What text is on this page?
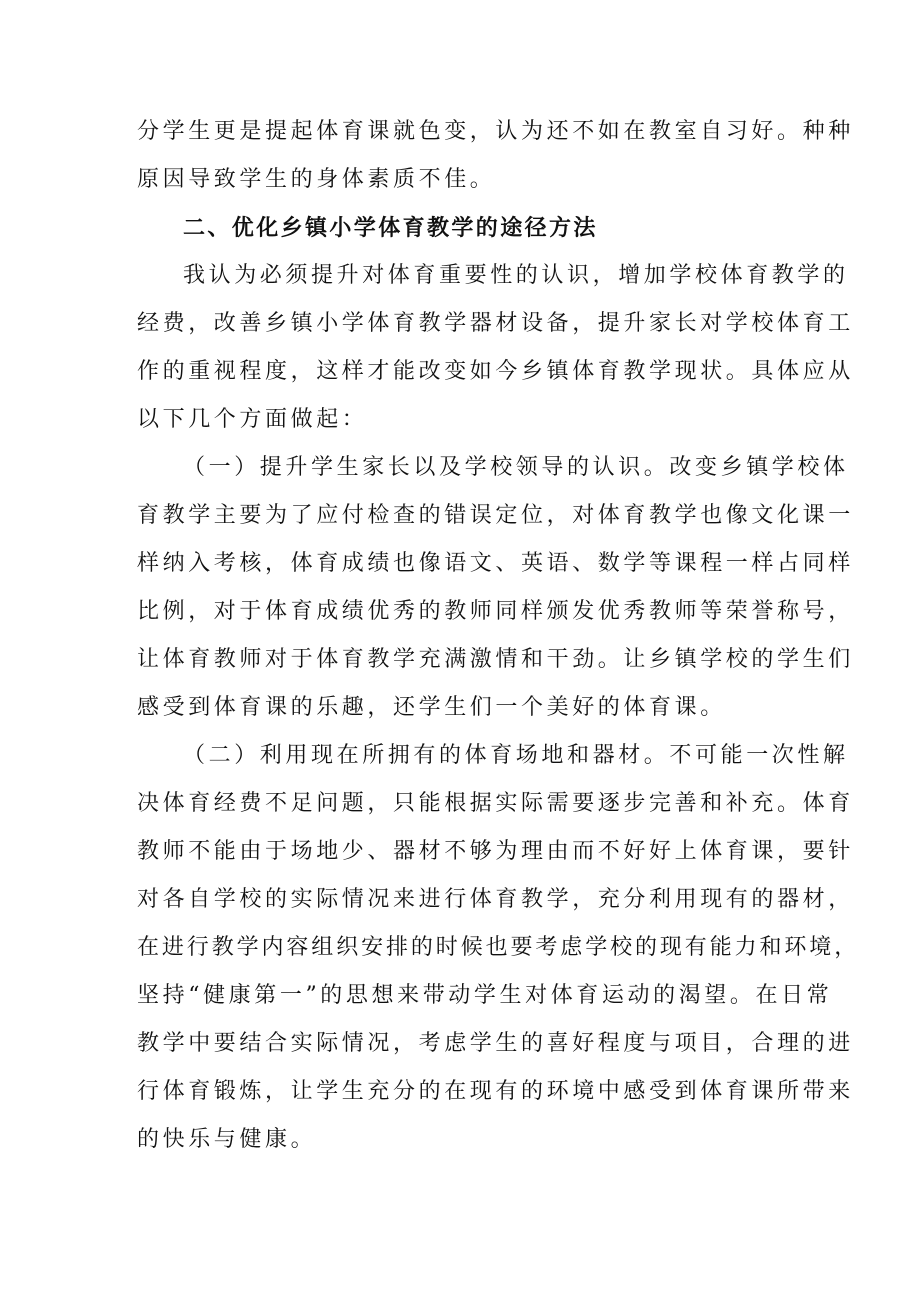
分学生更是提起体育课就色变，认为还不如在教室自习好。种种
原因导致学生的身体素质不佳。
二、优化乡镇小学体育教学的途径方法
我认为必须提升对体育重要性的认识，增加学校体育教学的
经费，改善乡镇小学体育教学器材设备，提升家长对学校体育工
作的重视程度，这样才能改变如今乡镇体育教学现状。具体应从
以下几个方面做起：
（一）提升学生家长以及学校领导的认识。改变乡镇学校体
育教学主要为了应付检查的错误定位，对体育教学也像文化课一
样纳入考核，体育成绩也像语文、英语、数学等课程一样占同样
比例，对于体育成绩优秀的教师同样颁发优秀教师等荣誉称号，
让体育教师对于体育教学充满激情和干劲。让乡镇学校的学生们
感受到体育课的乐趣，还学生们一个美好的体育课。
（二）利用现在所拥有的体育场地和器材。不可能一次性解
决体育经费不足问题，只能根据实际需要逐步完善和补充。体育
教师不能由于场地少、器材不够为理由而不好好上体育课，要针
对各自学校的实际情况来进行体育教学，充分利用现有的器材，
在进行教学内容组织安排的时候也要考虑学校的现有能力和环境，
坚持“健康第一”的思想来带动学生对体育运动的渴望。在日常
教学中要结合实际情况，考虑学生的喜好程度与项目，合理的进
行体育锻炼，让学生充分的在现有的环境中感受到体育课所带来
的快乐与健康。
